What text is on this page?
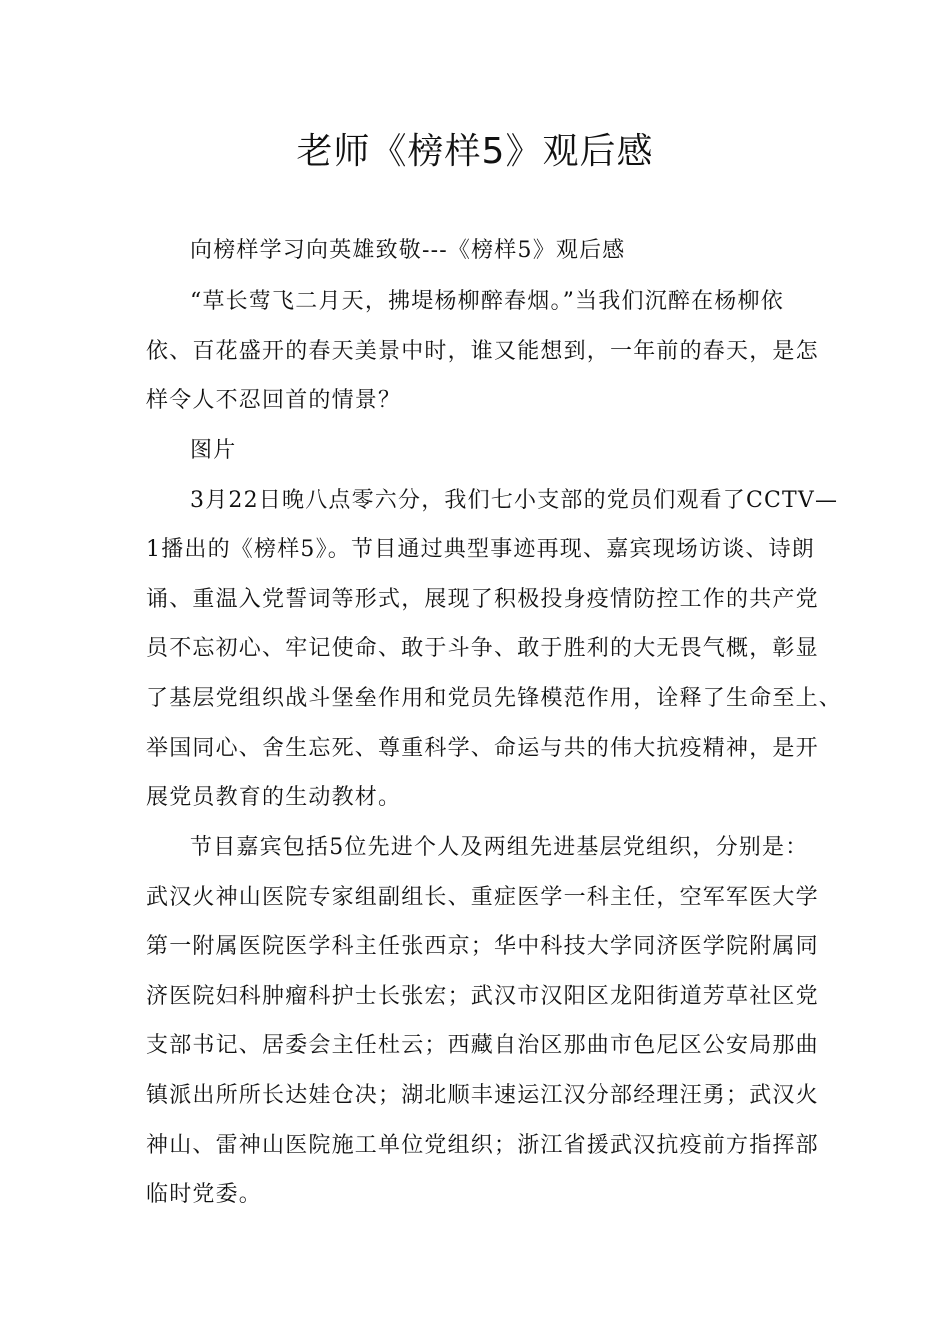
老师《榜样5》观后感
向榜样学习向英雄致敬---《榜样5》观后感
“草长莺飞二月天，拂堤杨柳醉春烟。”当我们沉醉在杨柳依
依、百花盛开的春天美景中时，谁又能想到，一年前的春天，是怎
样令人不忍回首的情景？
图片
3月22日晚八点零六分，我们七小支部的党员们观看了CCTV—
1播出的《榜样5》。节目通过典型事迹再现、嘉宾现场访谈、诗朗
诵、重温入党誓词等形式，展现了积极投身疫情防控工作的共产党
员不忘初心、牢记使命、敢于斗争、敢于胜利的大无畏气概，彰显
了基层党组织战斗堡垒作用和党员先锋模范作用，诠释了生命至上、
举国同心、舍生忘死、尊重科学、命运与共的伟大抗疫精神，是开
展党员教育的生动教材。
节目嘉宾包括5位先进个人及两组先进基层党组织，分别是：
武汉火神山医院专家组副组长、重症医学一科主任，空军军医大学
第一附属医院医学科主任张西京；华中科技大学同济医学院附属同
济医院妇科肿瘤科护士长张宏；武汉市汉阳区龙阳街道芳草社区党
支部书记、居委会主任杜云；西藏自治区那曲市色尼区公安局那曲
镇派出所所长达娃仓决；湖北顺丰速运江汉分部经理汪勇；武汉火
神山、雷神山医院施工单位党组织；浙江省援武汉抗疫前方指挥部
临时党委。
